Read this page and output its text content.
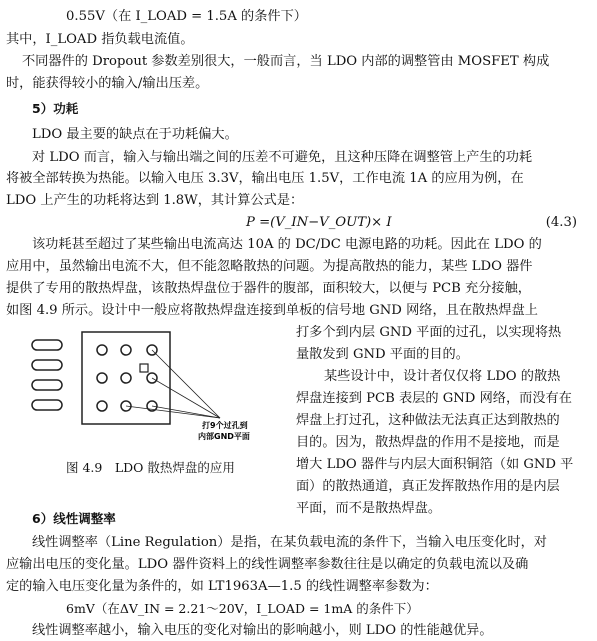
0.55V（在 I_LOAD = 1.5A 的条件下）
其中，I_LOAD 指负载电流值。
不同器件的 Dropout 参数差别很大，一般而言，当 LDO 内部的调整管由 MOSFET 构成
时，能获得较小的输入/输出压差。
5）功耗
LDO 最主要的缺点在于功耗偏大。
对 LDO 而言，输入与输出端之间的压差不可避免，且这种压降在调整管上产生的功耗
将被全部转换为热能。以输入电压 3.3V，输出电压 1.5V，工作电流 1A 的应用为例，在
LDO 上产生的功耗将达到 1.8W，其计算公式是：
P =(V_IN−V_OUT)× I	(4.3)
该功耗甚至超过了某些输出电流高达 10A 的 DC/DC 电源电路的功耗。因此在 LDO 的
应用中，虽然输出电流不大，但不能忽略散热的问题。为提高散热的能力，某些 LDO 器件
提供了专用的散热焊盘，该散热焊盘位于器件的腹部，面积较大，以便与 PCB 充分接触，
如图 4.9 所示。设计中一般应将散热焊盘连接到单板的信号地 GND 网络，且在散热焊盘上
打多个到内层 GND 平面的过孔，以实现将热
量散发到 GND 平面的目的。
某些设计中，设计者仅仅将 LDO 的散热
焊盘连接到 PCB 表层的 GND 网络，而没有在
焊盘上打过孔，这种做法无法真正达到散热的
目的。因为，散热焊盘的作用不是接地，而是
增大 LDO 器件与内层大面积铜箔（如 GND 平
面）的散热通道，真正发挥散热作用的是内层
平面，而不是散热焊盘。
6）线性调整率
线性调整率（Line Regulation）是指，在某负载电流的条件下，当输入电压变化时，对
应输出电压的变化量。LDO 器件资料上的线性调整率参数往往是以确定的负载电流以及确
定的输入电压变化量为条件的，如 LT1963A—1.5 的线性调整率参数为：
6mV（在ΔV_IN = 2.21～20V，I_LOAD = 1mA 的条件下）
线性调整率越小，输入电压的变化对输出的影响越小，则 LDO 的性能越优异。
打9个过孔到
内部GND平面
图 4.9　LDO 散热焊盘的应用
